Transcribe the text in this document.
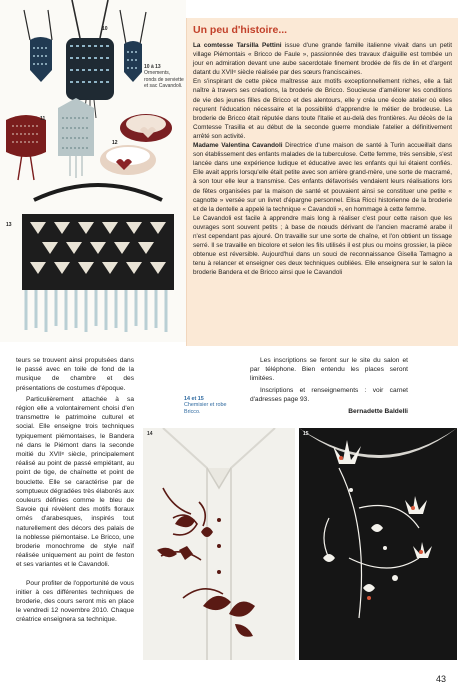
10
11
12
13
10 à 13
Ornements, ronds de serviette et sac Cavandoli.
Un peu d'histoire...

La comtesse Tarsilla Pettini issue d'une grande famille italienne vivait dans un petit village Piémontais « Bricco de Faule », passionnée des travaux d'aiguille est tombée un jour en admiration devant une aube sacerdotale finement brodée de fils de lin et d'argent datant du XVIIᵉ siècle réalisée par des sœurs franciscaines.

En s'inspirant de cette pièce maîtresse aux motifs exceptionnellement riches, elle a fait naître à travers ses créations, la broderie de Bricco. Soucieuse d'améliorer les conditions de vie des jeunes filles de Bricco et des alentours, elle y créa une école atelier où elles reçurent l'éducation nécessaire et la possibilité d'apprendre le métier de brodeuse. La broderie de Bricco était réputée dans toute l'Italie et au-delà des frontières. Au décès de la Comtesse Trasilla et au début de la seconde guerre mondiale l'atelier a définitivement arrêté son activité.

Madame Valentina Cavandoli Directrice d'une maison de santé à Turin accueillait dans son établissement des enfants malades de la tuberculose. Cette femme, très sensible, s'est lancée dans une expérience ludique et éducative avec les enfants qui lui étaient confiés. Elle avait appris lorsqu'elle était petite avec son arrière grand-mère, une sorte de macramé, à son tour elle leur a transmise. Ces enfants défavorisés vendaient leurs réalisations lors de fêtes organisées par la maison de santé et pouvaient ainsi se constituer une petite « cagnotte » versée sur un livret d'épargne personnel. Elisa Ricci historienne de la broderie et de la dentelle a appelé la technique « Cavandoli », en hommage à cette femme.

Le Cavandoli est facile à apprendre mais long à réaliser c'est pour cette raison que les ouvrages sont souvent petits ; à base de nœuds dérivant de l'ancien macramé arabe il n'est cependant pas ajouré. On travaille sur une sorte de chaîne, et l'on obtient un tissage serré. Il se travaille en bicolore et selon les fils utilisés il est plus ou moins grossier, la pièce obtenue est réversible. Aujourd'hui dans un souci de reconnaissance Gisella Tamagno a tenu à relancer et enseigner ces deux techniques oubliées. Elle enseignera sur le salon la broderie Bandera et de Bricco ainsi que le Cavandoli

teurs se trouvent ainsi propulsées dans le passé avec en toile de fond de la musique de chambre et des présentations de costumes d'époque.

Particulièrement attachée à sa région elle a volontairement choisi d'en transmettre le patrimoine culturel et social. Elle enseigne trois techniques typiquement piémontaises, le Bandera né dans le Piémont dans la seconde moitié du XVIIᵉ siècle, principalement réalisé au point de passé empiétant, au point de tige, de chaînette et point de bouclette. Elle se caractérise par de somptueux dégradées très élaborés aux couleurs définies comme le bleu de Savoie qui révèlent des motifs floraux ornés d'arabesques, inspirés tout naturellement des décors des palais de la noblesse piémontaise. Le Bricco, une broderie monochrome de style naïf réalisée uniquement au point de feston et ses variantes et le Cavandoli.

Pour profiter de l'opportunité de vous initier à ces différentes techniques de broderie, des cours seront mis en place le vendredi 12 novembre 2010. Chaque créatrice enseignera sa technique.

Les inscriptions se feront sur le site du salon et par téléphone. Bien entendu les places seront limitées.

Inscriptions et renseignements : voir carnet d'adresses page 93.

Bernadette Baldelli

14 et 15
Chemisier et robe Bricco.
14	15
43
